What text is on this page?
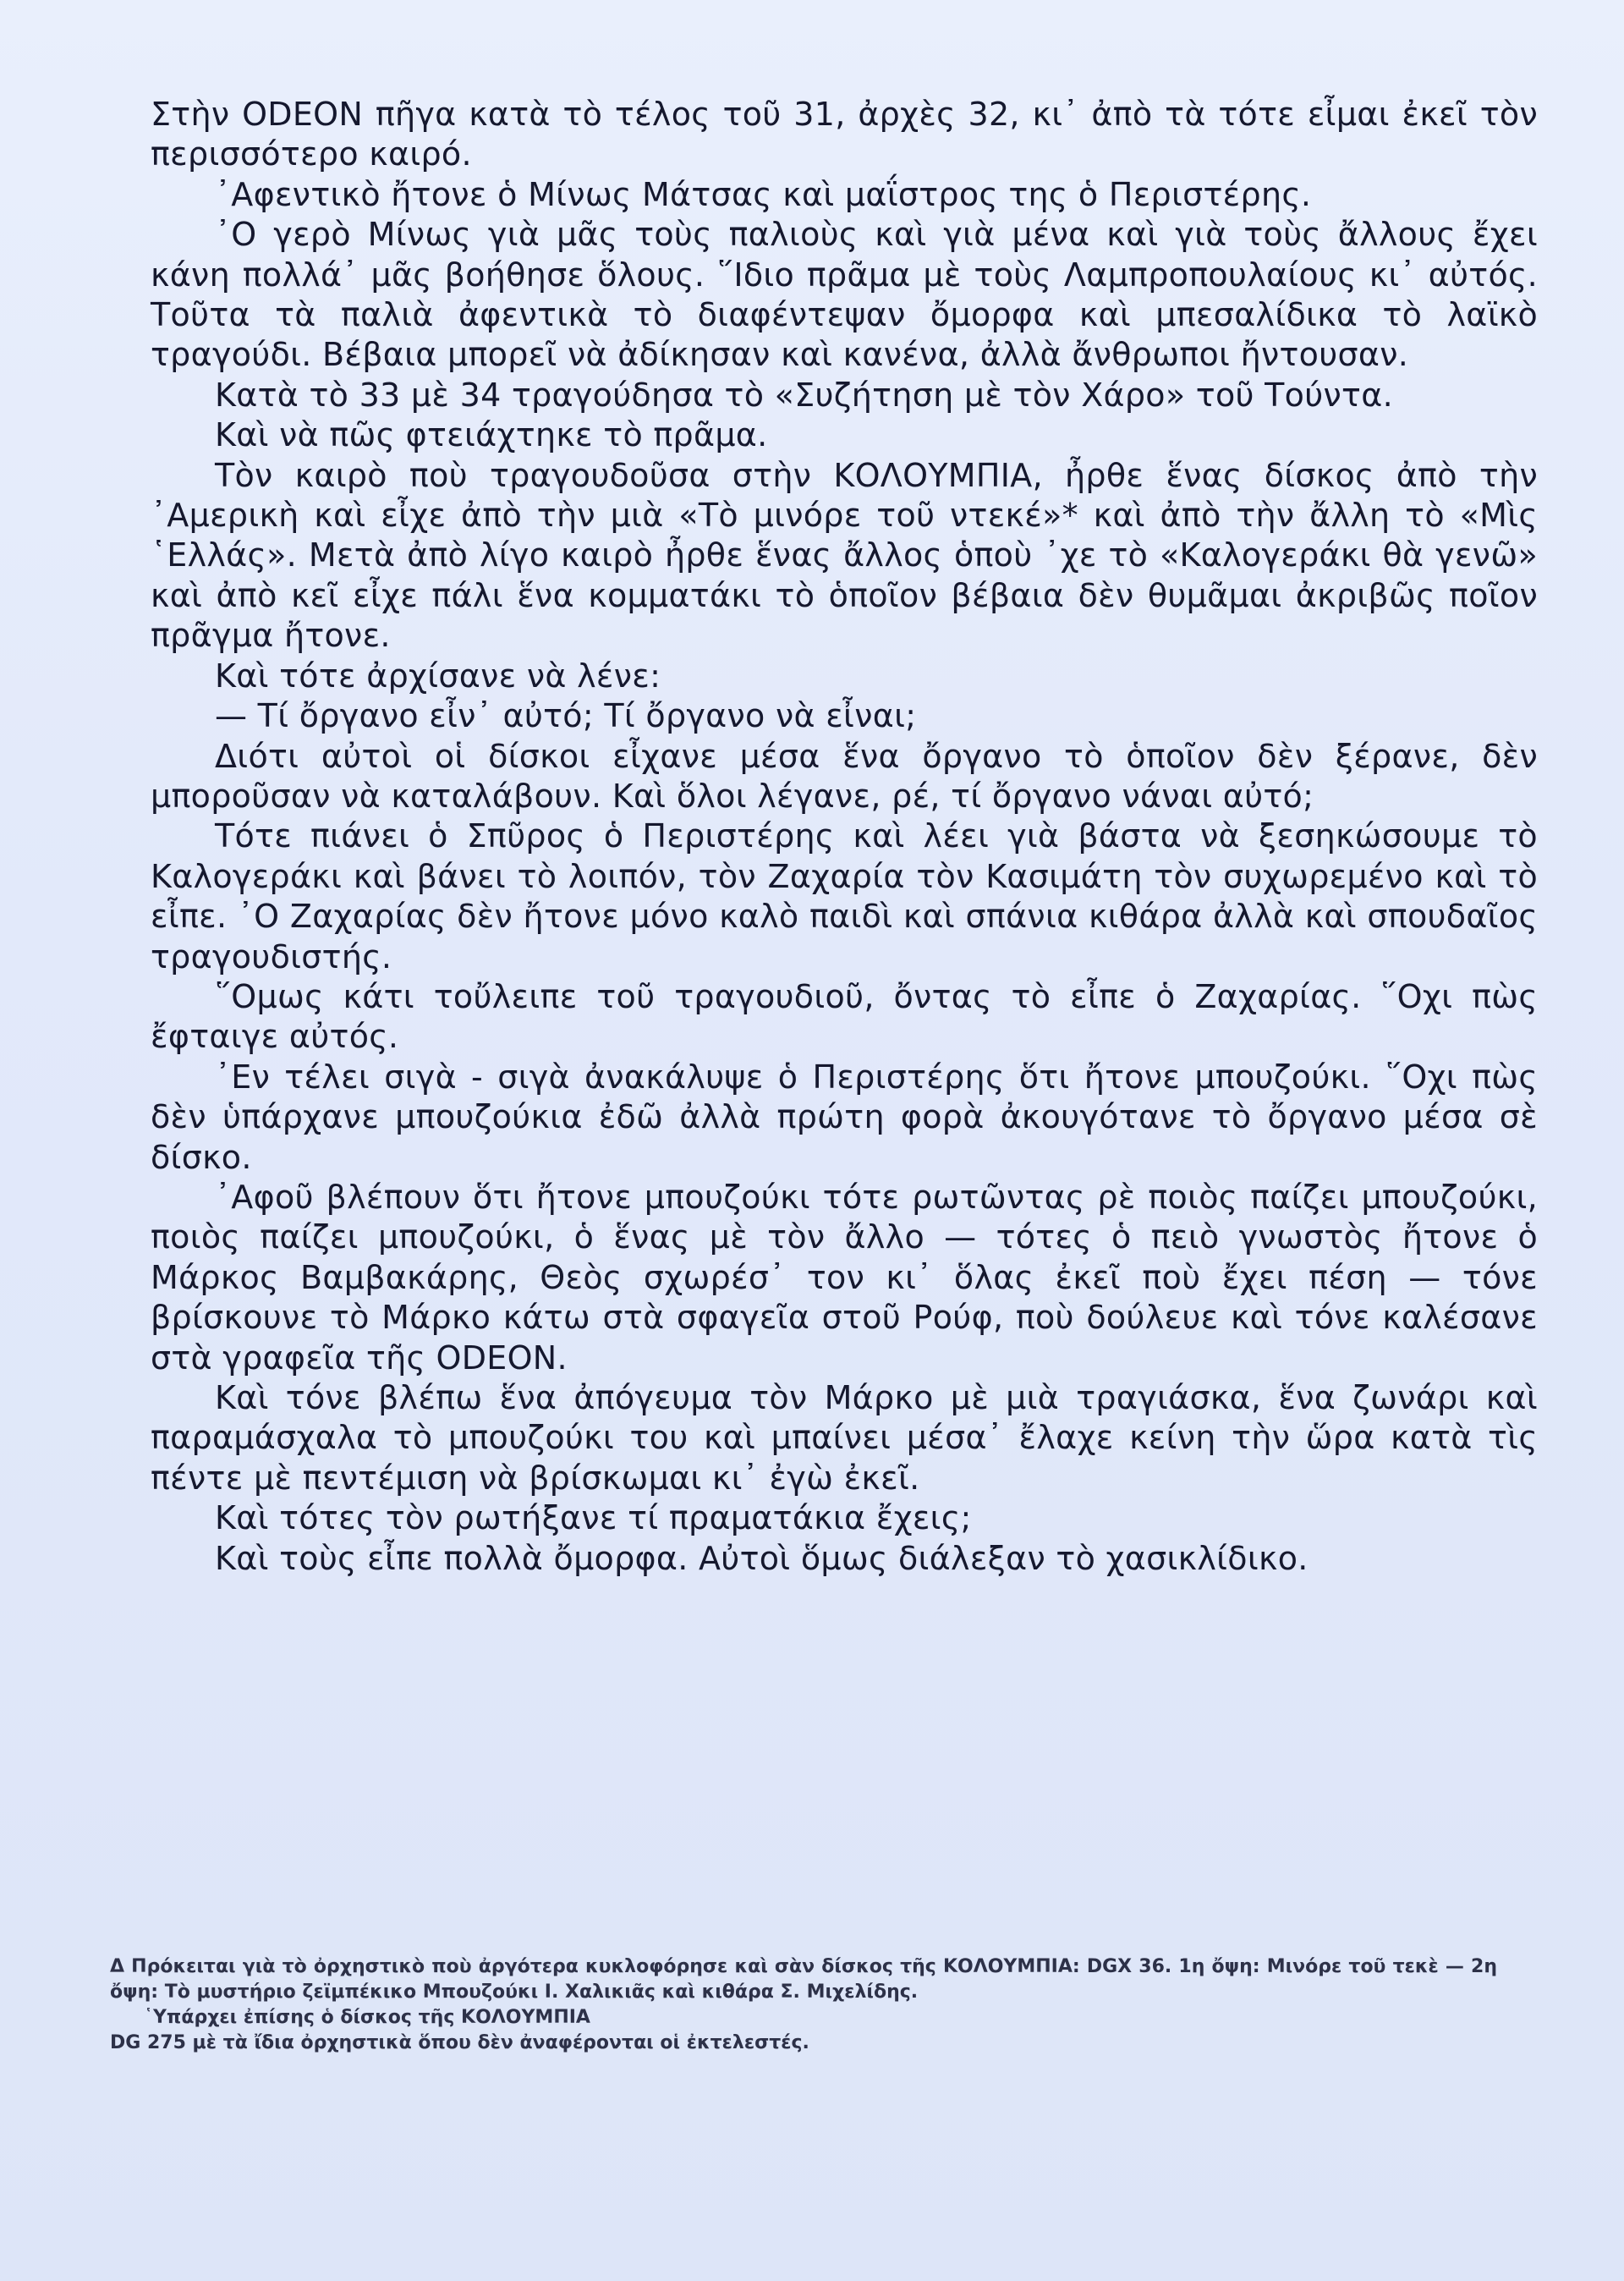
Στὴν ODEON πῆγα κατὰ τὸ τέλος τοῦ 31, ἀρχὲς 32, κι᾽ ἀπὸ τὰ τότε εἶμαι ἐκεῖ τὸν περισσότερο καιρό.

᾽Αφεντικὸ ἤτονε ὁ Μίνως Μάτσας καὶ μαΐστρος της ὁ Περιστέρης.

᾽Ο γερὸ Μίνως γιὰ μᾶς τοὺς παλιοὺς καὶ γιὰ μένα καὶ γιὰ τοὺς ἄλλους ἔχει κάνη πολλά᾽ μᾶς βοήθησε ὅλους. ῞Ιδιο πρᾶμα μὲ τοὺς Λαμπροπουλαίους κι᾽ αὐτός. Τοῦτα τὰ παλιὰ ἀφεντικὰ τὸ διαφέντεψαν ὄμορφα καὶ μπεσαλίδικα τὸ λαϊκὸ τραγούδι. Βέβαια μπορεῖ νὰ ἀδίκησαν καὶ κανένα, ἀλλὰ ἄνθρωποι ἤντουσαν.

Κατὰ τὸ 33 μὲ 34 τραγούδησα τὸ «Συζήτηση μὲ τὸν Χάρο» τοῦ Τούντα.

Καὶ νὰ πῶς φτειάχτηκε τὸ πρᾶμα.

Τὸν καιρὸ ποὺ τραγουδοῦσα στὴν ΚΟΛΟΥΜΠΙΑ, ἦρθε ἕνας δίσκος ἀπὸ τὴν ᾽Αμερικὴ καὶ εἶχε ἀπὸ τὴν μιὰ «Τὸ μινόρε τοῦ ντεκέ»* καὶ ἀπὸ τὴν ἄλλη τὸ «Μὶς ῾Ελλάς». Μετὰ ἀπὸ λίγο καιρὸ ἦρθε ἕνας ἄλλος ὁποὺ ᾽χε τὸ «Καλογεράκι θὰ γενῶ» καὶ ἀπὸ κεῖ εἶχε πάλι ἕνα κομματάκι τὸ ὁποῖον βέβαια δὲν θυμᾶμαι ἀκριβῶς ποῖον πρᾶγμα ἤτονε.

Καὶ τότε ἀρχίσανε νὰ λένε:

— Τί ὄργανο εἶν᾽ αὐτό; Τί ὄργανο νὰ εἶναι;

Διότι αὐτοὶ οἱ δίσκοι εἶχανε μέσα ἕνα ὄργανο τὸ ὁποῖον δὲν ξέρανε, δὲν μποροῦσαν νὰ καταλάβουν. Καὶ ὅλοι λέγανε, ρέ, τί ὄργανο νάναι αὐτό;

Τότε πιάνει ὁ Σπῦρος ὁ Περιστέρης καὶ λέει γιὰ βάστα νὰ ξεσηκώσουμε τὸ Καλογεράκι καὶ βάνει τὸ λοιπόν, τὸν Ζαχαρία τὸν Κασιμάτη τὸν συχωρεμένο καὶ τὸ εἶπε. ᾽Ο Ζαχαρίας δὲν ἤτονε μόνο καλὸ παιδὶ καὶ σπάνια κιθάρα ἀλλὰ καὶ σπουδαῖος τραγουδιστής.

῞Ομως κάτι τοὔλειπε τοῦ τραγουδιοῦ, ὄντας τὸ εἶπε ὁ Ζαχαρίας. ῞Οχι πὼς ἔφταιγε αὐτός.

᾽Εν τέλει σιγὰ - σιγὰ ἀνακάλυψε ὁ Περιστέρης ὅτι ἤτονε μπουζούκι. ῞Οχι πὼς δὲν ὑπάρχανε μπουζούκια ἐδῶ ἀλλὰ πρώτη φορὰ ἀκουγότανε τὸ ὄργανο μέσα σὲ δίσκο.

᾽Αφοῦ βλέπουν ὅτι ἤτονε μπουζούκι τότε ρωτῶντας ρὲ ποιὸς παίζει μπουζούκι, ποιὸς παίζει μπουζούκι, ὁ ἕνας μὲ τὸν ἄλλο — τότες ὁ πειὸ γνωστὸς ἤτονε ὁ Μάρκος Βαμβακάρης, Θεὸς σχωρέσ᾽ τον κι᾽ ὅλας ἐκεῖ ποὺ ἔχει πέση — τόνε βρίσκουνε τὸ Μάρκο κάτω στὰ σφαγεῖα στοῦ Ρούφ, ποὺ δούλευε καὶ τόνε καλέσανε στὰ γραφεῖα τῆς ODEON.

Καὶ τόνε βλέπω ἕνα ἀπόγευμα τὸν Μάρκο μὲ μιὰ τραγιάσκα, ἕνα ζωνάρι καὶ παραμάσχαλα τὸ μπουζούκι του καὶ μπαίνει μέσα᾽ ἔλαχε κείνη τὴν ὥρα κατὰ τὶς πέντε μὲ πεντέμιση νὰ βρίσκωμαι κι᾽ ἐγὼ ἐκεῖ.

Καὶ τότες τὸν ρωτήξανε τί πραματάκια ἔχεις;

Καὶ τοὺς εἶπε πολλὰ ὄμορφα. Αὐτοὶ ὅμως διάλεξαν τὸ χασικλίδικο.

Δ Πρόκειται γιὰ τὸ ὀρχηστικὸ ποὺ ἀργότερα κυκλοφόρησε καὶ σὰν δίσκος τῆς ΚΟΛΟΥΜΠΙΑ: DGX 36. 1η ὄψη: Μινόρε τοῦ τεκὲ — 2η ὄψη: Τὸ μυστήριο ζεϊμπέκικο Μπουζούκι Ι. Χαλικιᾶς καὶ κιθάρα Σ. Μιχελίδης.

῾Υπάρχει ἐπίσης ὁ δίσκος τῆς ΚΟΛΟΥΜΠΙΑ

DG 275 μὲ τὰ ἴδια ὀρχηστικὰ ὅπου δὲν ἀναφέρονται οἱ ἐκτελεστές.
